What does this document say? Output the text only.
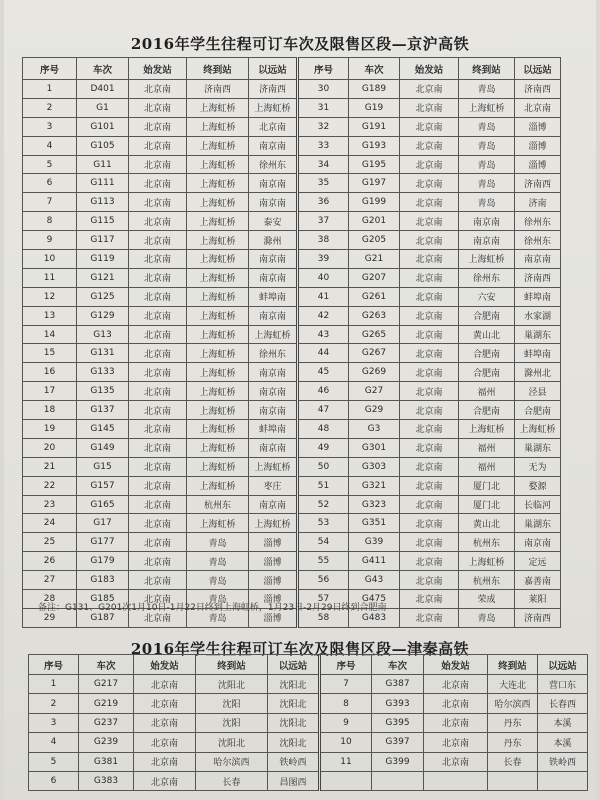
2016年学生往程可订车次及限售区段—京沪高铁
序号	车次	始发站	终到站	以远站	序号	车次	始发站	终到站	以远站
1	D401	北京南	济南西	济南西	30	G189	北京南	青岛	济南西
2	G1	北京南	上海虹桥	上海虹桥	31	G19	北京南	上海虹桥	北京南
3	G101	北京南	上海虹桥	北京南	32	G191	北京南	青岛	淄博
4	G105	北京南	上海虹桥	南京南	33	G193	北京南	青岛	淄博
5	G11	北京南	上海虹桥	徐州东	34	G195	北京南	青岛	淄博
6	G111	北京南	上海虹桥	南京南	35	G197	北京南	青岛	济南西
7	G113	北京南	上海虹桥	南京南	36	G199	北京南	青岛	济南
8	G115	北京南	上海虹桥	泰安	37	G201	北京南	南京南	徐州东
9	G117	北京南	上海虹桥	滁州	38	G205	北京南	南京南	徐州东
10	G119	北京南	上海虹桥	南京南	39	G21	北京南	上海虹桥	南京南
11	G121	北京南	上海虹桥	南京南	40	G207	北京南	徐州东	济南西
12	G125	北京南	上海虹桥	蚌埠南	41	G261	北京南	六安	蚌埠南
13	G129	北京南	上海虹桥	南京南	42	G263	北京南	合肥南	水家湖
14	G13	北京南	上海虹桥	上海虹桥	43	G265	北京南	黄山北	巢湖东
15	G131	北京南	上海虹桥	徐州东	44	G267	北京南	合肥南	蚌埠南
16	G133	北京南	上海虹桥	南京南	45	G269	北京南	合肥南	滁州北
17	G135	北京南	上海虹桥	南京南	46	G27	北京南	福州	泾县
18	G137	北京南	上海虹桥	南京南	47	G29	北京南	合肥南	合肥南
19	G145	北京南	上海虹桥	蚌埠南	48	G3	北京南	上海虹桥	上海虹桥
20	G149	北京南	上海虹桥	南京南	49	G301	北京南	福州	巢湖东
21	G15	北京南	上海虹桥	上海虹桥	50	G303	北京南	福州	无为
22	G157	北京南	上海虹桥	枣庄	51	G321	北京南	厦门北	婺源
23	G165	北京南	杭州东	南京南	52	G323	北京南	厦门北	长临河
24	G17	北京南	上海虹桥	上海虹桥	53	G351	北京南	黄山北	巢湖东
25	G177	北京南	青岛	淄博	54	G39	北京南	杭州东	南京南
26	G179	北京南	青岛	淄博	55	G411	北京南	上海虹桥	定远
27	G183	北京南	青岛	淄博	56	G43	北京南	杭州东	嘉善南
28	G185	北京南	青岛	淄博	57	G475	北京南	荣成	莱阳
29	G187	北京南	青岛	淄博	58	G483	北京南	青岛	济南西
备注：G131、G201次1月10日-1月22日终到上海虹桥，1月23日-2月29日终到合肥南
2016年学生往程可订车次及限售区段—津秦高铁
序号	车次	始发站	终到站	以远站	序号	车次	始发站	终到站	以远站
1	G217	北京南	沈阳北	沈阳北	7	G387	北京南	大连北	营口东
2	G219	北京南	沈阳	沈阳北	8	G393	北京南	哈尔滨西	长春西
3	G237	北京南	沈阳	沈阳北	9	G395	北京南	丹东	本溪
4	G239	北京南	沈阳北	沈阳北	10	G397	北京南	丹东	本溪
5	G381	北京南	哈尔滨西	铁岭西	11	G399	北京南	长春	铁岭西
6	G383	北京南	长春	昌图西					
